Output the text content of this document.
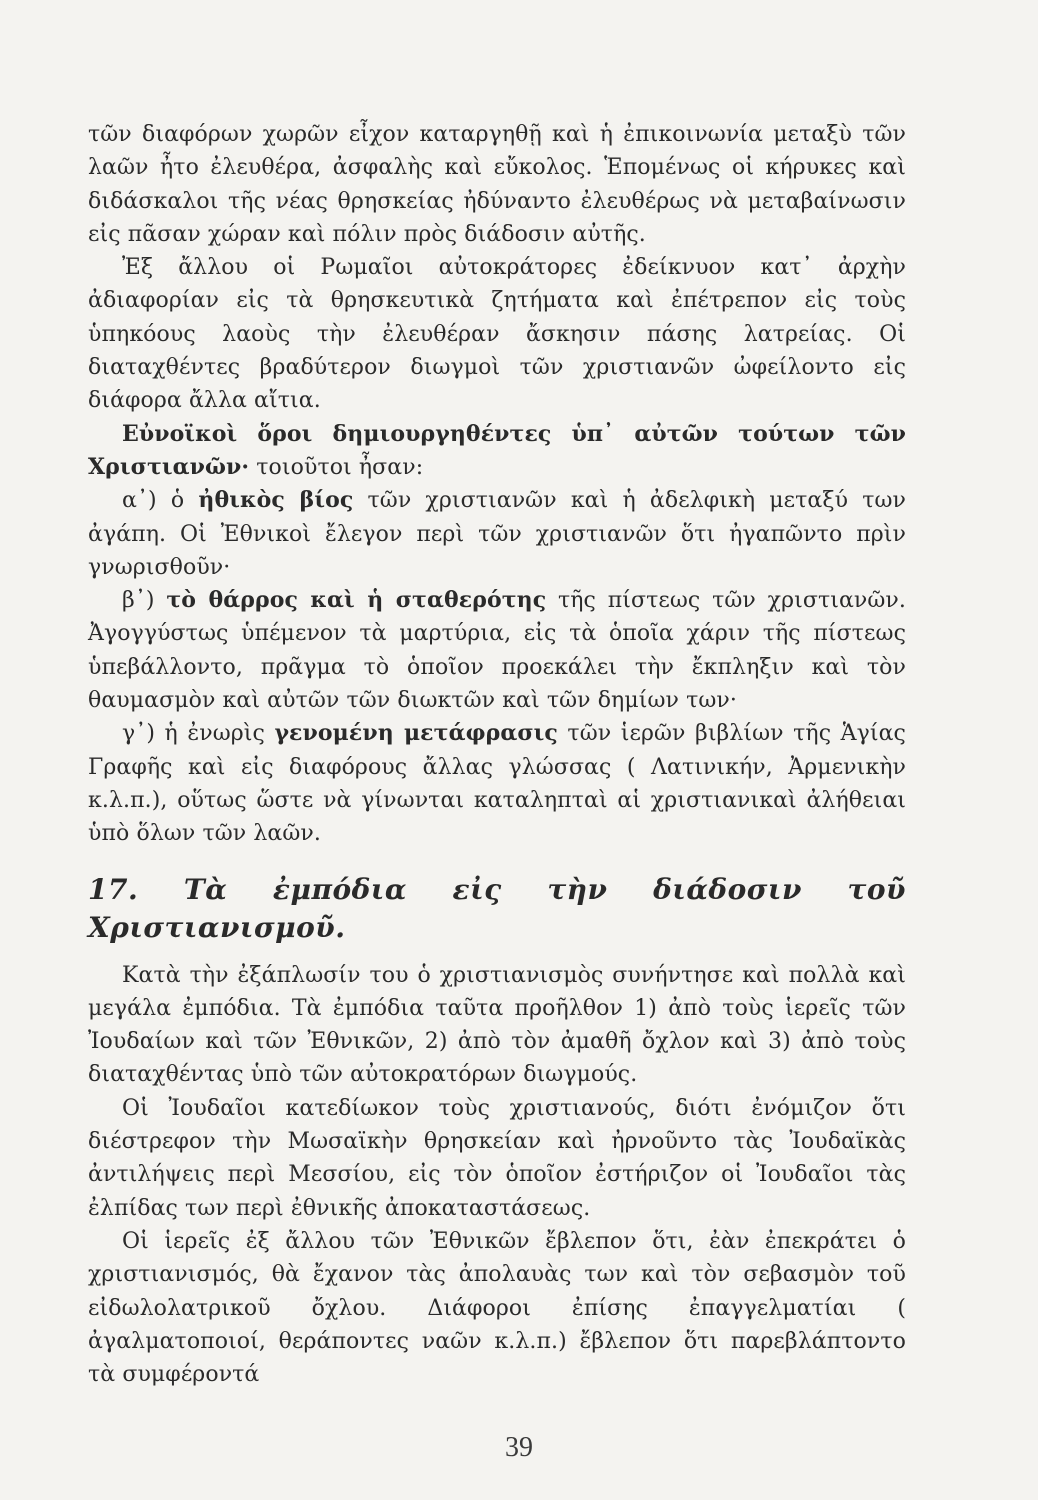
τῶν διαφόρων χωρῶν εἶχον καταργηθῇ καὶ ἡ ἐπικοινωνία μεταξὺ τῶν λαῶν ἦτο ἐλευθέρα, ἀσφαλὴς καὶ εὔκολος. Ἑπομένως οἱ κήρυκες καὶ διδάσκαλοι τῆς νέας θρησκείας ἠδύναντο ἐλευθέρως νὰ μεταβαίνωσιν εἰς πᾶσαν χώραν καὶ πόλιν πρὸς διάδοσιν αὐτῆς.

Ἐξ ἄλλου οἱ Ρωμαῖοι αὐτοκράτορες ἐδείκνυον κατ᾽ ἀρχὴν ἀδιαφορίαν εἰς τὰ θρησκευτικὰ ζητήματα καὶ ἐπέτρεπον εἰς τοὺς ὑπηκόους λαοὺς τὴν ἐλευθέραν ἄσκησιν πάσης λατρείας. Οἱ διαταχθέντες βραδύτερον διωγμοὶ τῶν χριστιανῶν ὠφείλοντο εἰς διάφορα ἄλλα αἴτια.

Εὐνοϊκοὶ ὅροι δημιουργηθέντες ὑπ᾽ αὐτῶν τούτων τῶν Χριστιανῶν· τοιοῦτοι ἦσαν:

α᾽) ὁ ἠθικὸς βίος τῶν χριστιανῶν καὶ ἡ ἀδελφικὴ μεταξύ των ἀγάπη. Οἱ Ἐθνικοὶ ἔλεγον περὶ τῶν χριστιανῶν ὅτι ἠγαπῶντο πρὶν γνωρισθοῦν·

β᾽) τὸ θάρρος καὶ ἡ σταθερότης τῆς πίστεως τῶν χριστιανῶν. Ἀγογγύστως ὑπέμενον τὰ μαρτύρια, εἰς τὰ ὁποῖα χάριν τῆς πίστεως ὑπεβάλλοντο, πρᾶγμα τὸ ὁποῖον προεκάλει τὴν ἔκπληξιν καὶ τὸν θαυμασμὸν καὶ αὐτῶν τῶν διωκτῶν καὶ τῶν δημίων των·

γ᾽) ἡ ἐνωρὶς γενομένη μετάφρασις τῶν ἱερῶν βιβλίων τῆς Ἁγίας Γραφῆς καὶ εἰς διαφόρους ἄλλας γλώσσας ( Λατινικήν, Ἀρμενικὴν κ.λ.π.), οὕτως ὥστε νὰ γίνωνται καταληπταὶ αἱ χριστιανικαὶ ἀλήθειαι ὑπὸ ὅλων τῶν λαῶν.

17. Τὰ ἐμπόδια εἰς τὴν διάδοσιν τοῦ Χριστιανισμοῦ.

Κατὰ τὴν ἐξάπλωσίν του ὁ χριστιανισμὸς συνήντησε καὶ πολλὰ καὶ μεγάλα ἐμπόδια. Τὰ ἐμπόδια ταῦτα προῆλθον 1) ἀπὸ τοὺς ἱερεῖς τῶν Ἰουδαίων καὶ τῶν Ἐθνικῶν, 2) ἀπὸ τὸν ἀμαθῆ ὄχλον καὶ 3) ἀπὸ τοὺς διαταχθέντας ὑπὸ τῶν αὐτοκρατόρων διωγμούς.

Οἱ Ἰουδαῖοι κατεδίωκον τοὺς χριστιανούς, διότι ἐνόμιζον ὅτι διέστρεφον τὴν Μωσαϊκὴν θρησκείαν καὶ ἠρνοῦντο τὰς Ἰουδαϊκὰς ἀντιλήψεις περὶ Μεσσίου, εἰς τὸν ὁποῖον ἐστήριζον οἱ Ἰουδαῖοι τὰς ἐλπίδας των περὶ ἐθνικῆς ἀποκαταστάσεως.

Οἱ ἱερεῖς ἐξ ἄλλου τῶν Ἐθνικῶν ἔβλεπον ὅτι, ἐὰν ἐπεκράτει ὁ χριστιανισμός, θὰ ἔχανον τὰς ἀπολαυὰς των καὶ τὸν σεβασμὸν τοῦ εἰδωλολατρικοῦ ὄχλου. Διάφοροι ἐπίσης ἐπαγγελματίαι ( ἀγαλματοποιοί, θεράποντες ναῶν κ.λ.π.) ἔβλεπον ὅτι παρεβλάπτοντο τὰ συμφέροντά

39
